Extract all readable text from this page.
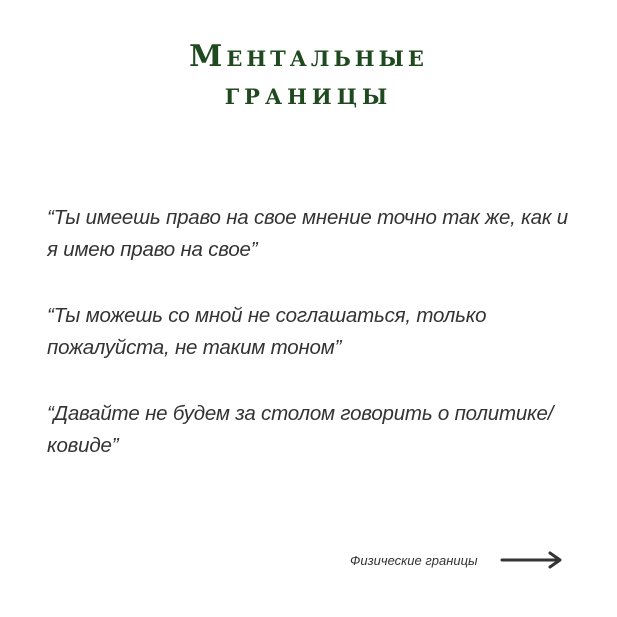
Ментальные
границы

“Ты имеешь право на свое мнение точно так же, как и я имею право на свое”

“Ты можешь со мной не соглашаться, только пожалуйста, не таким тоном”

“Давайте не будем за столом говорить о политике/ковиде”

Физические границы
